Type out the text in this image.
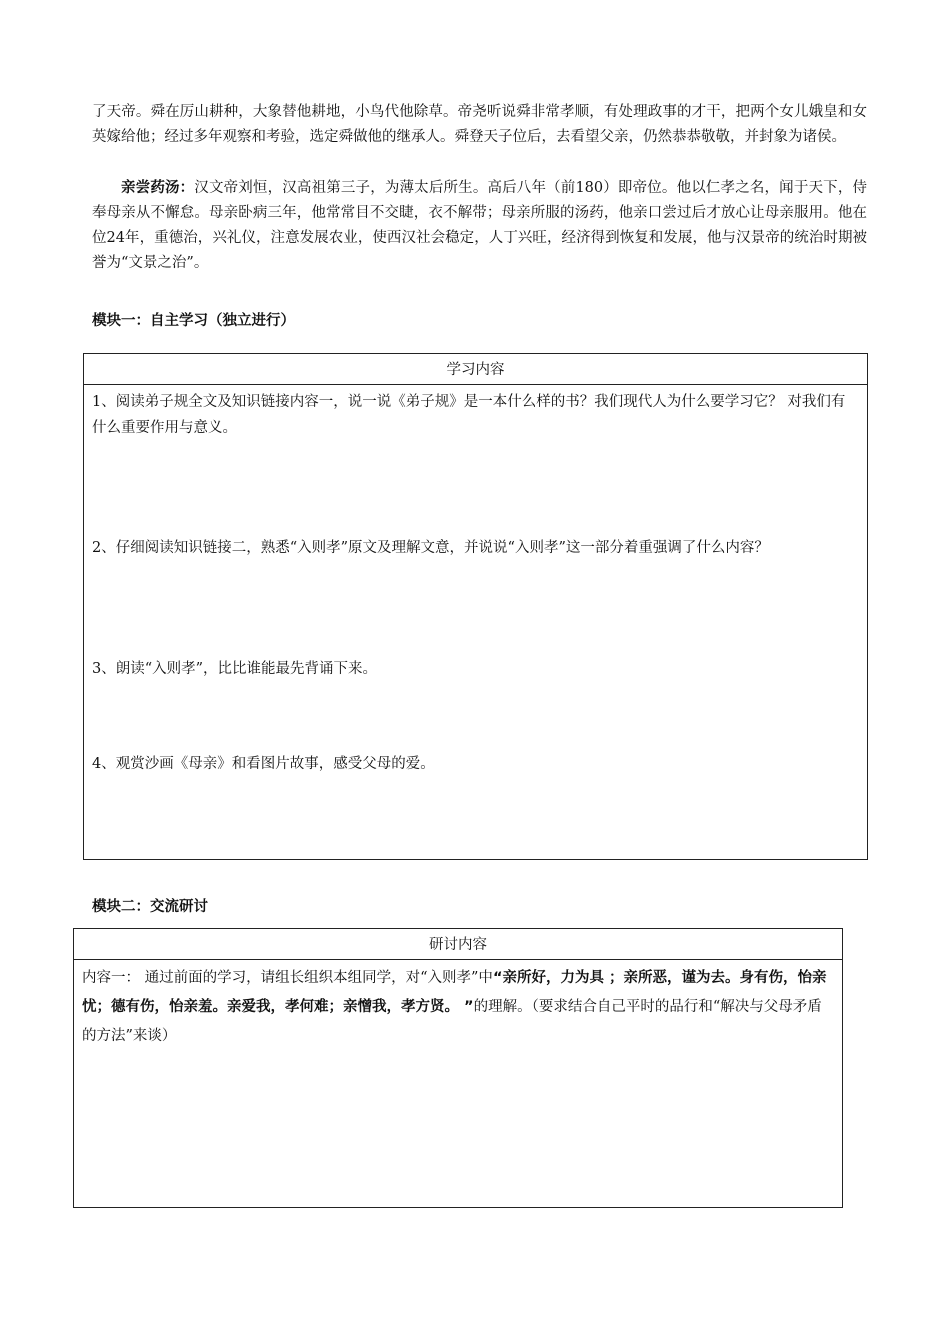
了天帝。舜在厉山耕种，大象替他耕地，小鸟代他除草。帝尧听说舜非常孝顺，有处理政事的才干，把两个女儿娥皇和女英嫁给他；经过多年观察和考验，选定舜做他的继承人。舜登天子位后，去看望父亲，仍然恭恭敬敬，并封象为诸侯。
亲尝药汤：汉文帝刘恒，汉高祖第三子，为薄太后所生。高后八年（前180）即帝位。他以仁孝之名，闻于天下，侍奉母亲从不懈怠。母亲卧病三年，他常常目不交睫，衣不解带；母亲所服的汤药，他亲口尝过后才放心让母亲服用。他在位24年，重德治，兴礼仪，注意发展农业，使西汉社会稳定，人丁兴旺，经济得到恢复和发展，他与汉景帝的统治时期被誉为“文景之治”。
模块一：自主学习（独立进行）
学习内容
1、阅读弟子规全文及知识链接内容一，说一说《弟子规》是一本什么样的书？我们现代人为什么要学习它？ 对我们有什么重要作用与意义。
2、仔细阅读知识链接二，熟悉“入则孝”原文及理解文意，并说说“入则孝”这一部分着重强调了什么内容？
3、朗读“入则孝”，比比谁能最先背诵下来。
4、观赏沙画《母亲》和看图片故事，感受父母的爱。
模块二：交流研讨
研讨内容
内容一： 通过前面的学习，请组长组织本组同学，对“入则孝”中“亲所好，力为具 ；亲所恶，谨为去。身有伤，怡亲忧；德有伤，怡亲羞。亲爱我，孝何难；亲憎我，孝方贤。 ”的理解。（要求结合自己平时的品行和“解决与父母矛盾的方法”来谈）
